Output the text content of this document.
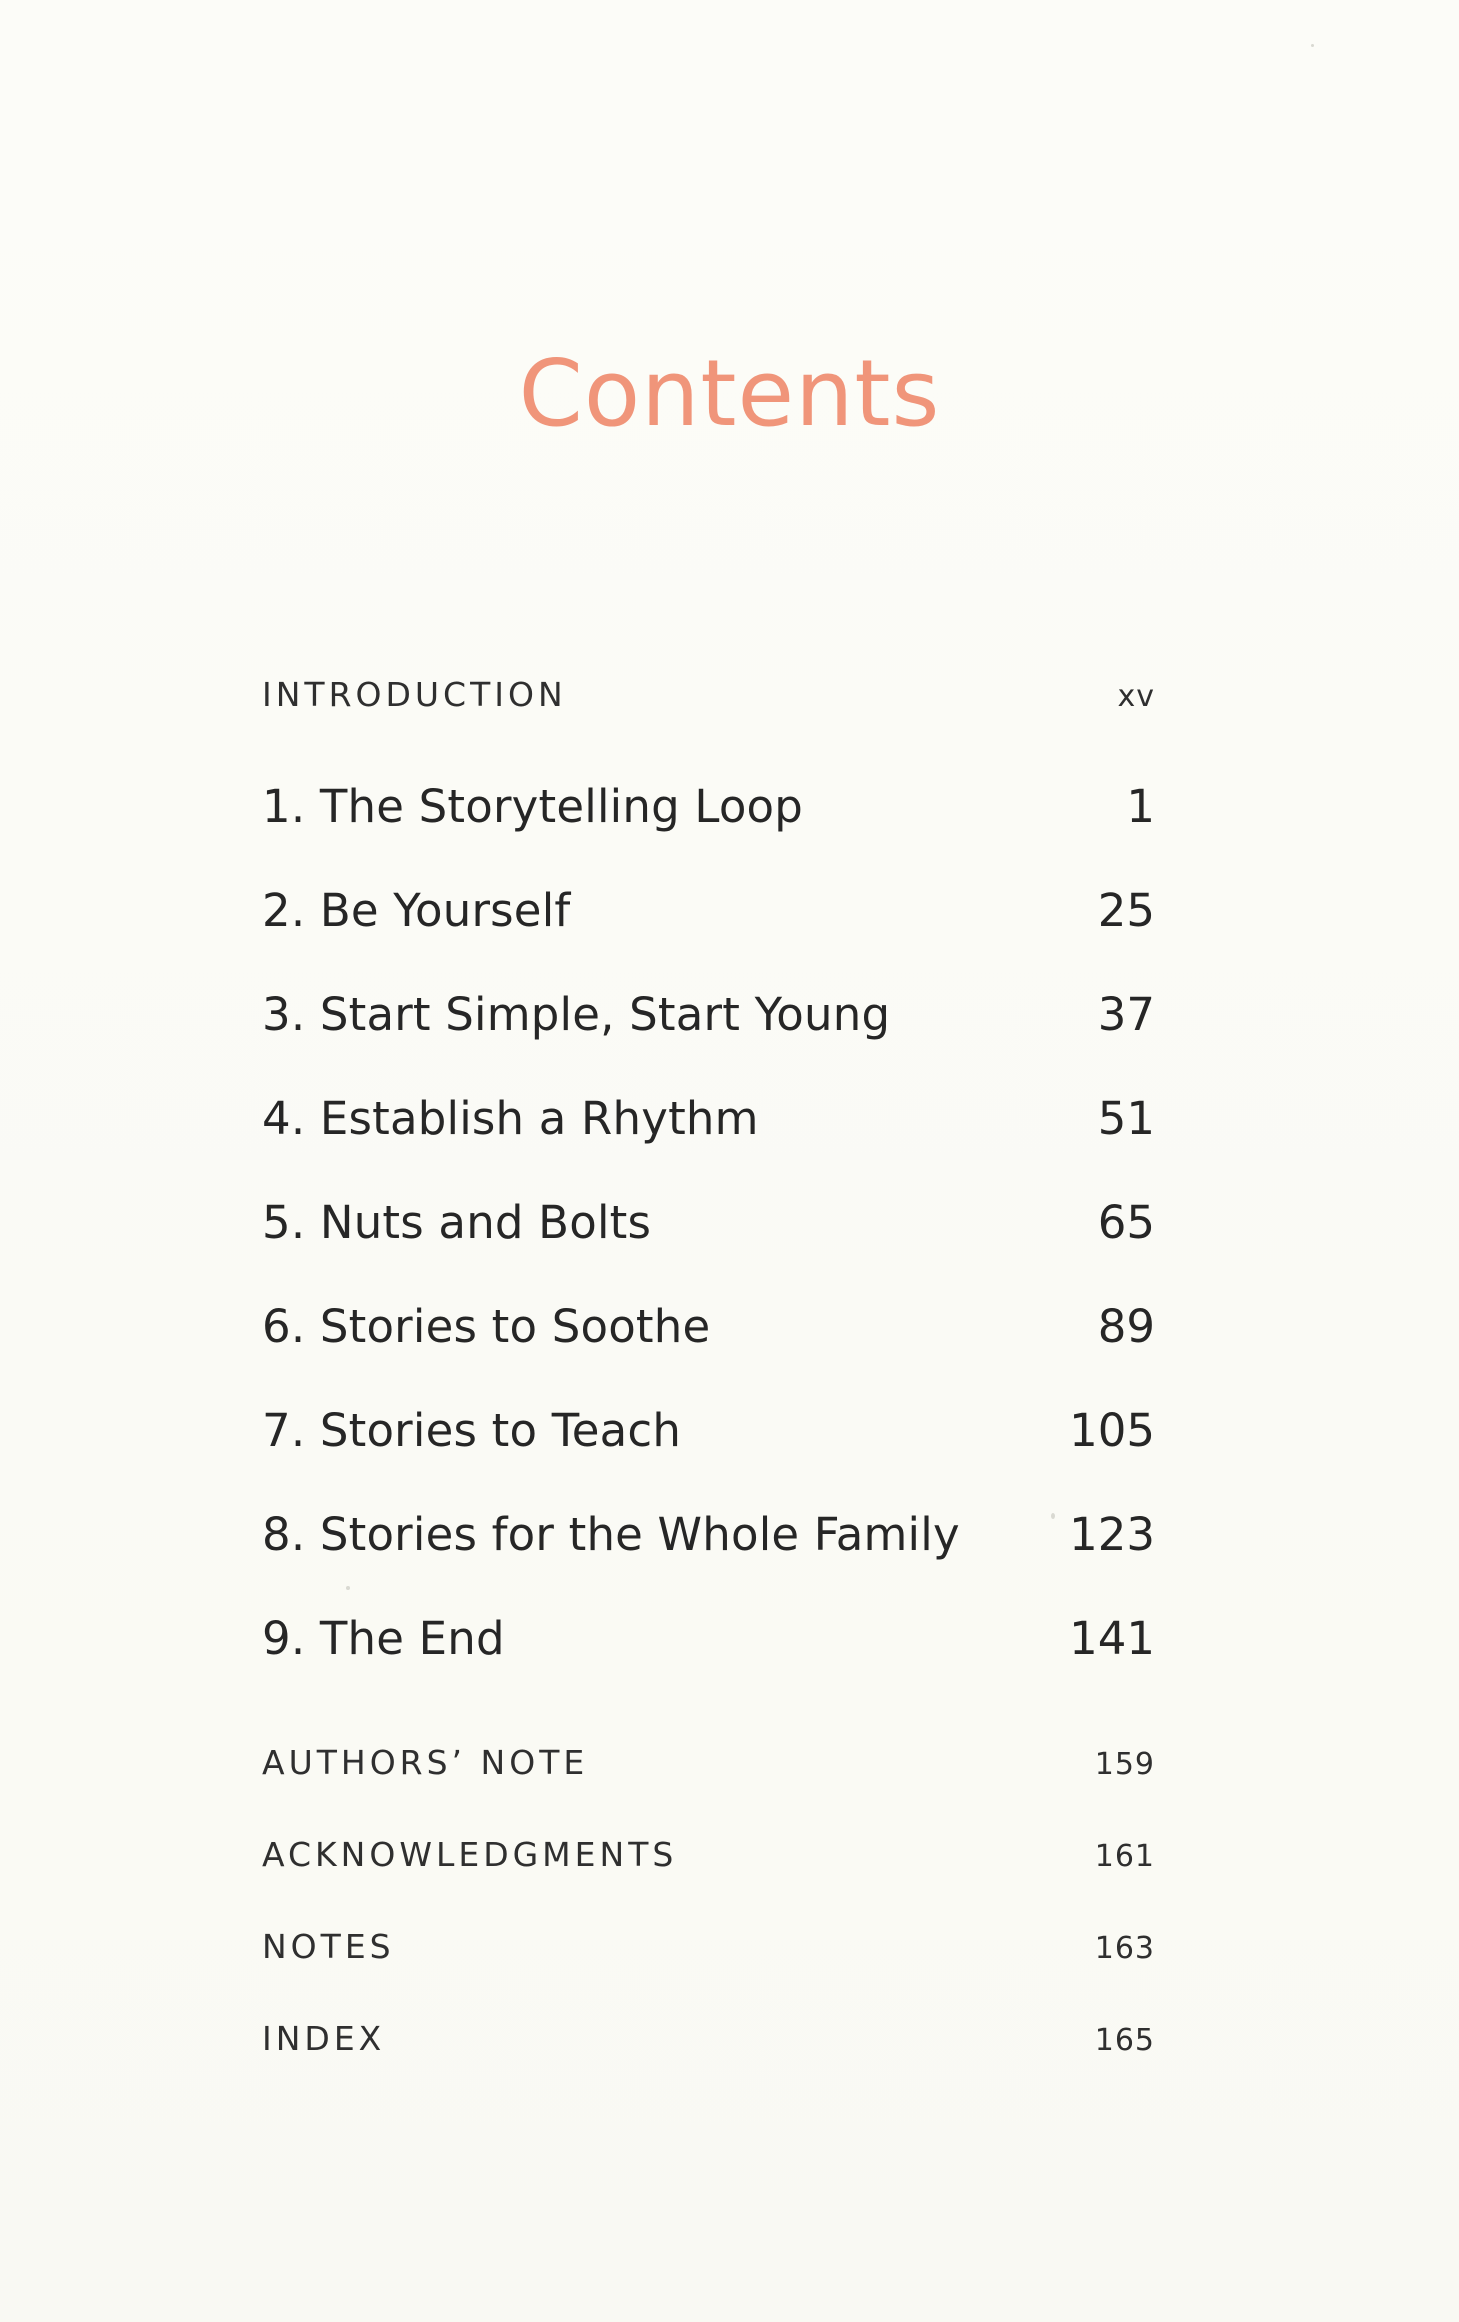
Contents
INTRODUCTION	xv
1. The Storytelling Loop	1
2. Be Yourself	25
3. Start Simple, Start Young	37
4. Establish a Rhythm	51
5. Nuts and Bolts	65
6. Stories to Soothe	89
7. Stories to Teach	105
8. Stories for the Whole Family 123
9. The End	141
AUTHORS’ NOTE	159
ACKNOWLEDGMENTS	161
NOTES	163
INDEX	165
